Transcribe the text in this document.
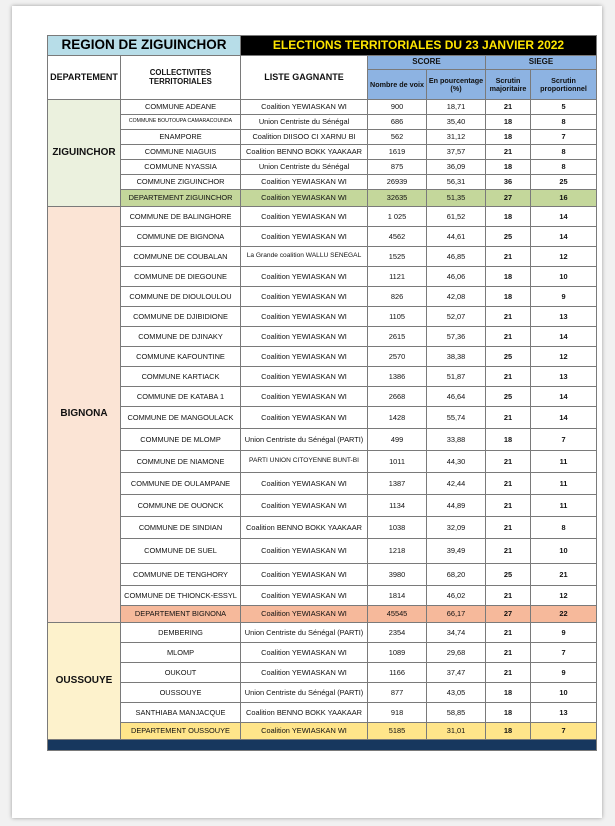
REGION DE ZIGUINCHOR		ELECTIONS TERRITORIALES DU 23 JANVIER 2022				
DEPARTEMENT	COLLECTIVITES TERRITORIALES	LISTE GAGNANTE	SCORE		SIEGE	
			Nombre de voix	En pourcentage (%)	Scrutin majoritaire	Scrutin proportionnel
ZIGUINCHOR	COMMUNE ADEANE	Coalition YEWIASKAN WI	900	18,71	21	5
	COMMUNE BOUTOUPA CAMARACOUNDA	Union Centriste du Sénégal	686	35,40	18	8
	ENAMPORE	Coalition DIISOO CI XARNU BI	562	31,12	18	7
	COMMUNE NIAGUIS	Coalition BENNO BOKK YAAKAAR	1619	37,57	21	8
	COMMUNE NYASSIA	Union Centriste du Sénégal	875	36,09	18	8
	COMMUNE ZIGUINCHOR	Coalition YEWIASKAN WI	26939	56,31	36	25
	DEPARTEMENT ZIGUINCHOR	Coalition YEWIASKAN WI	32635	51,35	27	16
BIGNONA	COMMUNE DE BALINGHORE	Coalition YEWIASKAN WI	1 025	61,52	18	14
	COMMUNE DE BIGNONA	Coalition YEWIASKAN WI	4562	44,61	25	14
	COMMUNE DE COUBALAN	La Grande coalition WALLU SENEGAL	1525	46,85	21	12
	COMMUNE DE DIEGOUNE	Coalition YEWIASKAN WI	1121	46,06	18	10
	COMMUNE DE DIOULOULOU	Coalition YEWIASKAN WI	826	42,08	18	9
	COMMUNE DE DJIBIDIONE	Coalition YEWIASKAN WI	1105	52,07	21	13
	COMMUNE DE DJINAKY	Coalition YEWIASKAN WI	2615	57,36	21	14
	COMMUNE KAFOUNTINE	Coalition YEWIASKAN WI	2570	38,38	25	12
	COMMUNE KARTIACK	Coalition YEWIASKAN WI	1386	51,87	21	13
	COMMUNE DE KATABA 1	Coalition YEWIASKAN WI	2668	46,64	25	14
	COMMUNE DE MANGOULACK	Coalition YEWIASKAN WI	1428	55,74	21	14
	COMMUNE DE MLOMP	Union Centriste du Sénégal (PARTI)	499	33,88	18	7
	COMMUNE DE NIAMONE	PARTI UNION CITOYENNE BUNT-BI	1011	44,30	21	11
	COMMUNE DE OULAMPANE	Coalition YEWIASKAN WI	1387	42,44	21	11
	COMMUNE DE OUONCK	Coalition YEWIASKAN WI	1134	44,89	21	11
	COMMUNE DE SINDIAN	Coalition BENNO BOKK YAAKAAR	1038	32,09	21	8
	COMMUNE DE SUEL	Coalition YEWIASKAN WI	1218	39,49	21	10
	COMMUNE DE TENGHORY	Coalition YEWIASKAN WI	3980	68,20	25	21
	COMMUNE DE THIONCK-ESSYL	Coalition YEWIASKAN WI	1814	46,02	21	12
	DEPARTEMENT BIGNONA	Coalition YEWIASKAN WI	45545	66,17	27	22
OUSSOUYE	DEMBERING	Union Centriste du Sénégal (PARTI)	2354	34,74	21	9
	MLOMP	Coalition YEWIASKAN WI	1089	29,68	21	7
	OUKOUT	Coalition YEWIASKAN WI	1166	37,47	21	9
	OUSSOUYE	Union Centriste du Sénégal (PARTI)	877	43,05	18	10
	SANTHIABA MANJACQUE	Coalition BENNO BOKK YAAKAAR	918	58,85	18	13
	DEPARTEMENT OUSSOUYE	Coalition YEWIASKAN WI	5185	31,01	18	7
